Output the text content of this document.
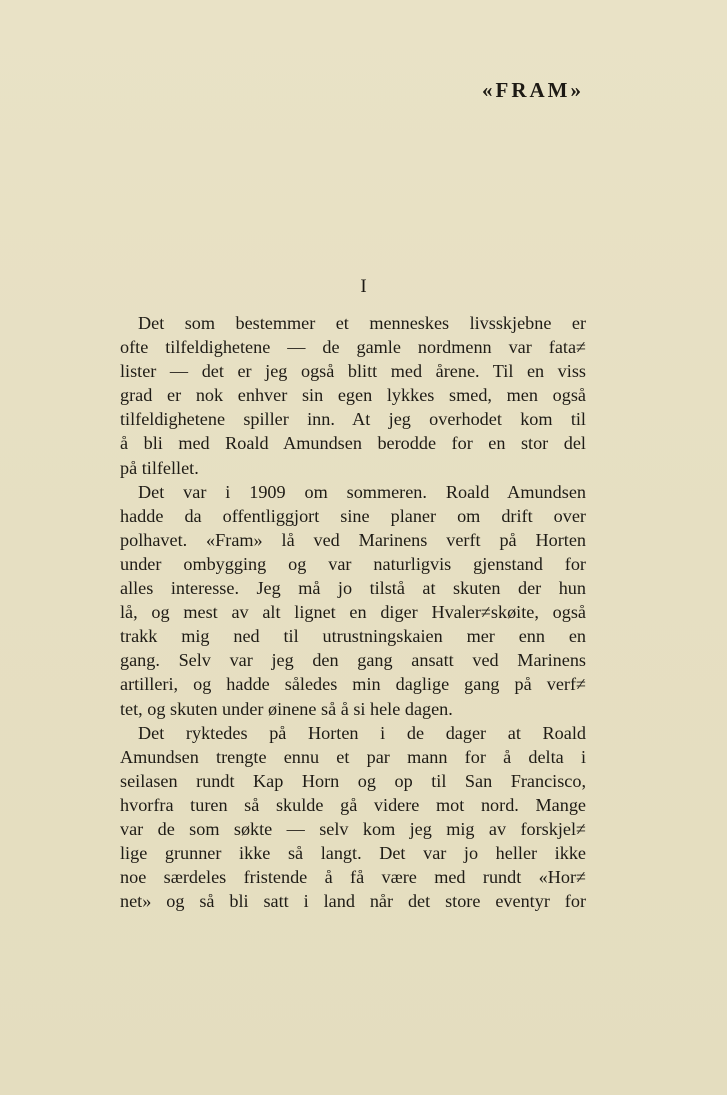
«FRAM»
I
Det som bestemmer et menneskes livsskjebne er
ofte tilfeldighetene — de gamle nordmenn var fata≠
lister — det er jeg også blitt med årene. Til en viss
grad er nok enhver sin egen lykkes smed, men også
tilfeldighetene spiller inn. At jeg overhodet kom til
å bli med Roald Amundsen berodde for en stor del
på tilfellet.
Det var i 1909 om sommeren. Roald Amundsen
hadde da offentliggjort sine planer om drift over
polhavet. «Fram» lå ved Marinens verft på Horten
under ombygging og var naturligvis gjenstand for
alles interesse. Jeg må jo tilstå at skuten der hun
lå, og mest av alt lignet en diger Hvaler≠skøite, også
trakk mig ned til utrustningskaien mer enn en
gang. Selv var jeg den gang ansatt ved Marinens
artilleri, og hadde således min daglige gang på verf≠
tet, og skuten under øinene så å si hele dagen.
Det ryktedes på Horten i de dager at Roald
Amundsen trengte ennu et par mann for å delta i
seilasen rundt Kap Horn og op til San Francisco,
hvorfra turen så skulde gå videre mot nord. Mange
var de som søkte — selv kom jeg mig av forskjel≠
lige grunner ikke så langt. Det var jo heller ikke
noe særdeles fristende å få være med rundt «Hor≠
net» og så bli satt i land når det store eventyr for
